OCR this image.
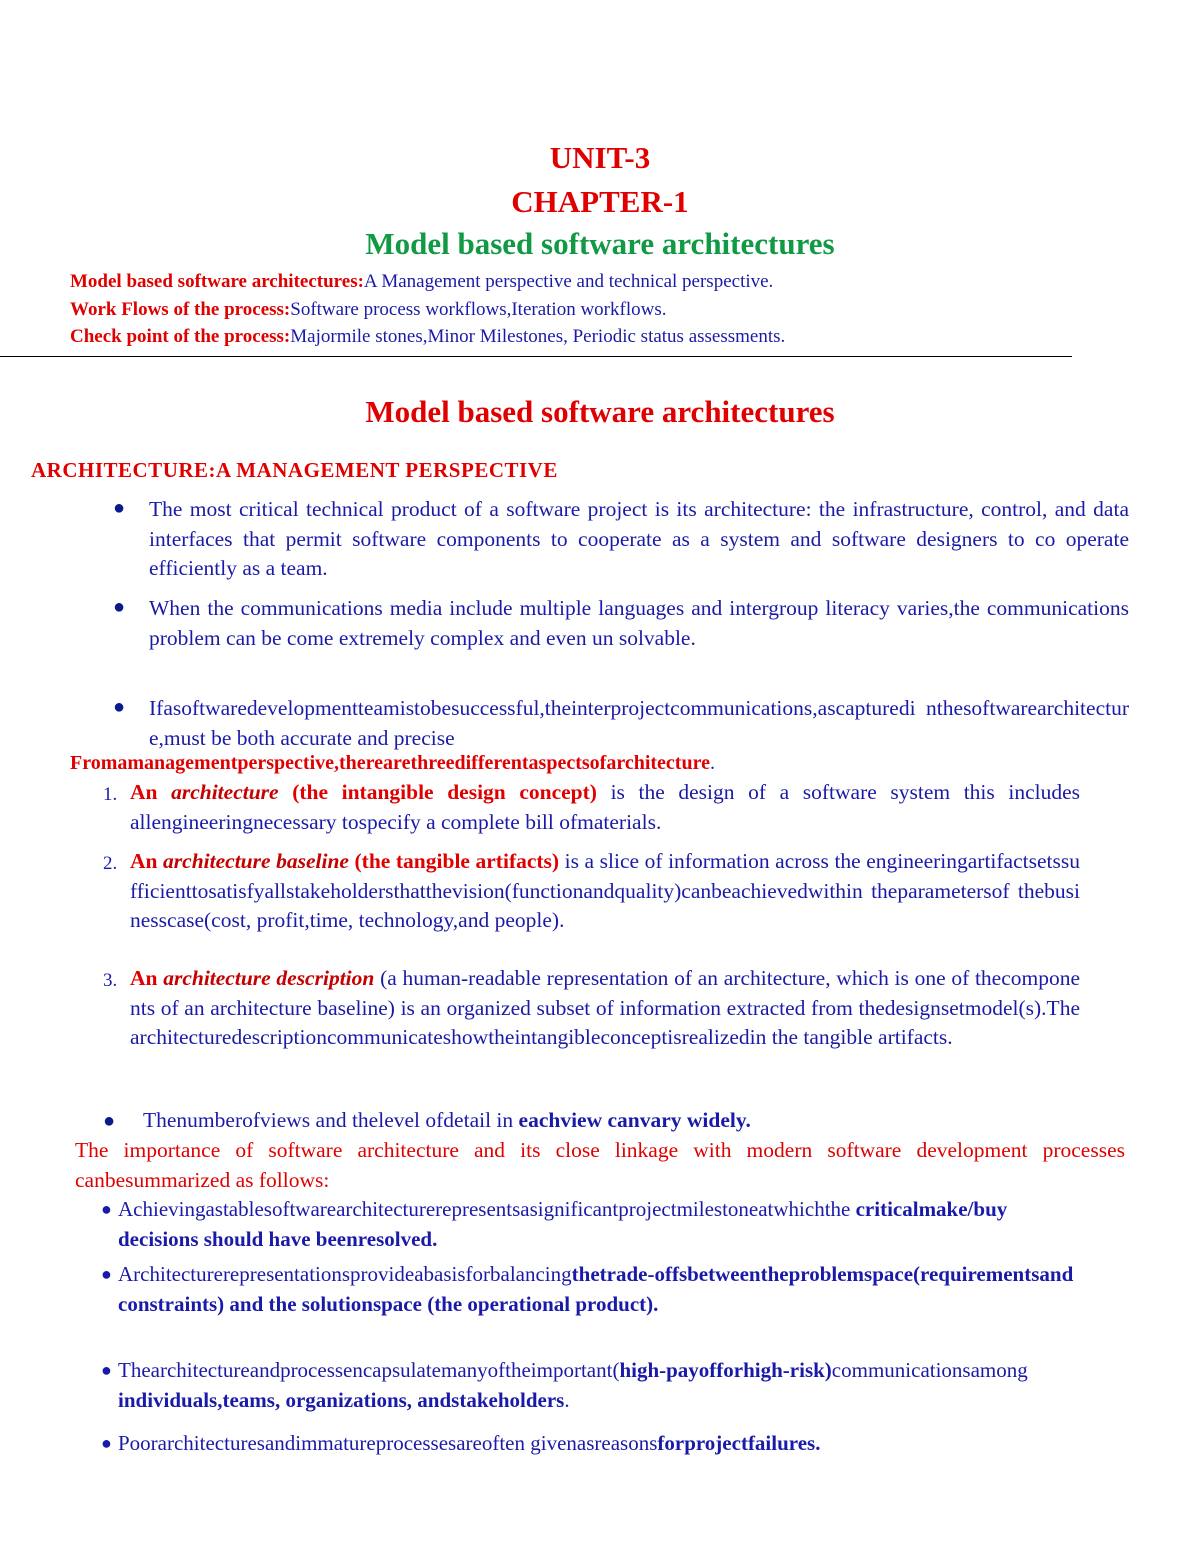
UNIT-3
CHAPTER-1
Model based software architectures
Model based software architectures:A Management perspective and technical perspective.
Work Flows of the process:Software process workflows,Iteration workflows.
Check point of the process:Majormile stones,Minor Milestones, Periodic status assessments.
Model based software architectures
ARCHITECTURE:A MANAGEMENT PERSPECTIVE
● The most critical technical product of a software project is its architecture: the infrastructure, control, and data interfaces that permit software components to cooperate as a system and software designers to co operate efficiently as a team.
● When the communications media include multiple languages and intergroup literacy varies,the communications problem can be come extremely complex and even un solvable.
● Ifasoftwaredevelopmentteamistobesuccessful,theinterprojectcommunications,ascapturedi nthesoftwarearchitecture,must be both accurate and precise
Fromamanagementperspective,therearethreedifferentaspectsofarchitecture.
1. An architecture (the intangible design concept) is the design of a software system this includes allengineeringnecessary tospecify a complete bill ofmaterials.
2. An architecture baseline (the tangible artifacts) is a slice of information across the engineeringartifactsetssufficienttosatisfyallstakeholdersthatthevision(functionandquality)canbeachievedwithin theparametersof thebusinesscase(cost, profit,time, technology,and people).
3. An architecture description (a human-readable representation of an architecture, which is one of thecomponents of an architecture baseline) is an organized subset of information extracted from thedesignsetmodel(s).Thearchitecturedescriptioncommunicateshowtheintangibleconceptisrealizedin the tangible artifacts.
● Thenumberofviews and thelevel ofdetail in eachview canvary widely.
The importance of software architecture and its close linkage with modern software development processes canbesummarized as follows:
● Achievingastablesoftwarearchitecturerepresentsasignificantprojectmilestoneatwhichthe criticalmake/buy decisions should have beenresolved.
● Architecturerepresentationsprovideabasisforbalancingthetrade-offsbetweentheproblemspace(requirementsand constraints) and the solutionspace (the operational product).
● Thearchitectureandprocessencapsulatemanyoftheimportant(high-payofforhigh-risk)communicationsamong individuals,teams, organizations, andstakeholders.
● Poorarchitecturesandimmatureprocessesareoften givenasreasonsforprojectfailures.
